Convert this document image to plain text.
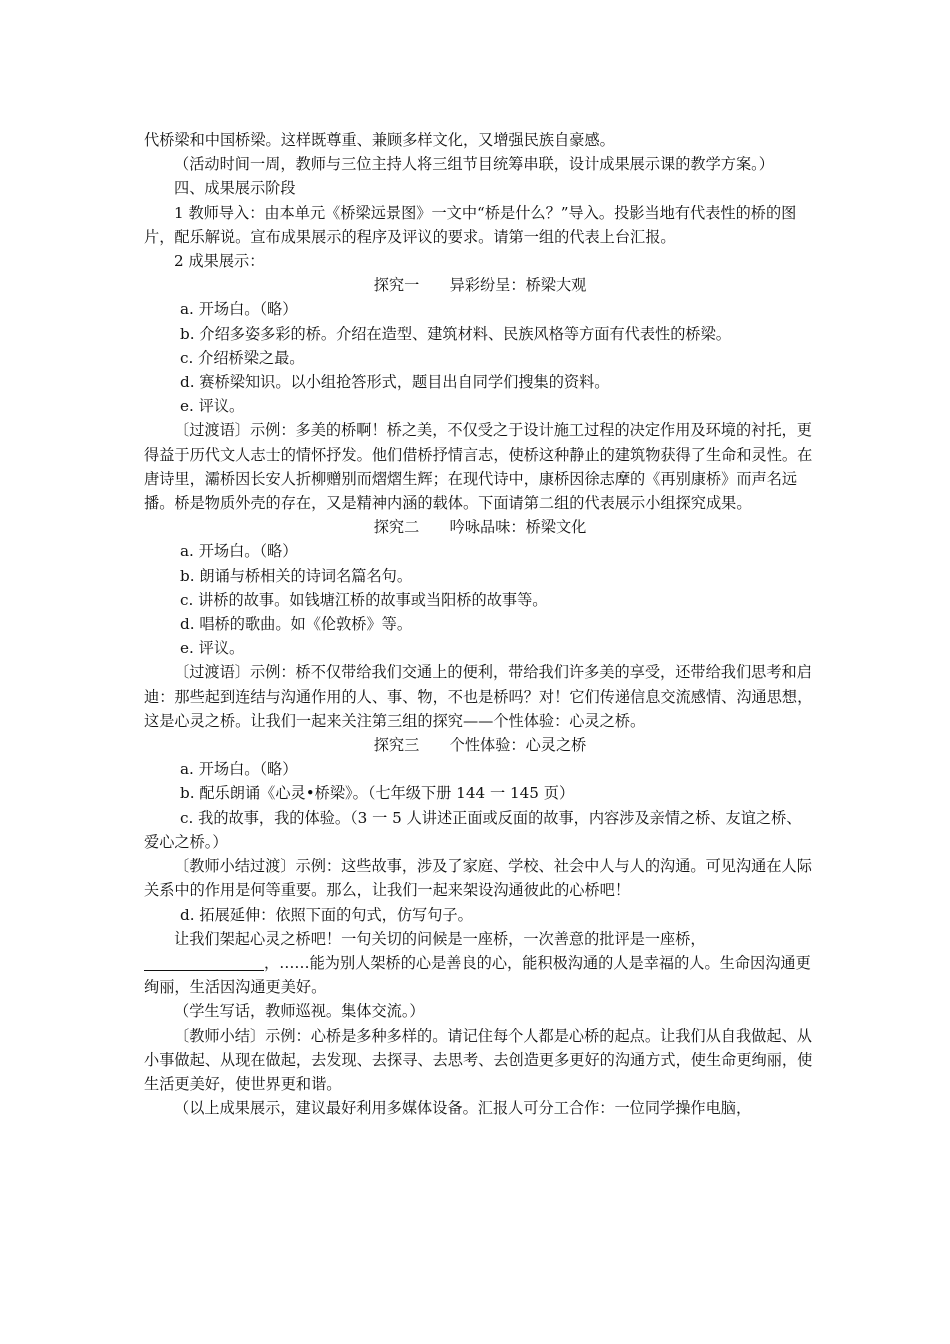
代桥梁和中国桥梁。这样既尊重、兼顾多样文化，又增强民族自豪感。

（活动时间一周，教师与三位主持人将三组节目统筹串联，设计成果展示课的教学方案。）

四、成果展示阶段

1 教师导入：由本单元《桥梁远景图》一文中“桥是什么？”导入。投影当地有代表性的桥的图片，配乐解说。宣布成果展示的程序及评议的要求。请第一组的代表上台汇报。

2 成果展示：

探究一　　异彩纷呈：桥梁大观

a. 开场白。（略）

b. 介绍多姿多彩的桥。介绍在造型、建筑材料、民族风格等方面有代表性的桥梁。

c. 介绍桥梁之最。

d. 赛桥梁知识。以小组抢答形式，题目出自同学们搜集的资料。

e. 评议。

〔过渡语〕示例：多美的桥啊！桥之美，不仅受之于设计施工过程的决定作用及环境的衬托，更得益于历代文人志士的情怀抒发。他们借桥抒情言志，使桥这种静止的建筑物获得了生命和灵性。在唐诗里，灞桥因长安人折柳赠别而熠熠生辉；在现代诗中，康桥因徐志摩的《再别康桥》而声名远播。桥是物质外壳的存在，又是精神内涵的载体。下面请第二组的代表展示小组探究成果。

探究二　　吟咏品味：桥梁文化

a. 开场白。（略）

b. 朗诵与桥相关的诗词名篇名句。

c. 讲桥的故事。如钱塘江桥的故事或当阳桥的故事等。

d. 唱桥的歌曲。如《伦敦桥》等。

e. 评议。

〔过渡语〕示例：桥不仅带给我们交通上的便利，带给我们许多美的享受，还带给我们思考和启迪：那些起到连结与沟通作用的人、事、物，不也是桥吗？对！它们传递信息交流感情、沟通思想，这是心灵之桥。让我们一起来关注第三组的探究——个性体验：心灵之桥。

探究三　　个性体验：心灵之桥

a. 开场白。（略）

b. 配乐朗诵《心灵•桥梁》。（七年级下册 144 一 145 页）

c. 我的故事，我的体验。（3 一 5 人讲述正面或反面的故事，内容涉及亲情之桥、友谊之桥、爱心之桥。）

〔教师小结过渡〕示例：这些故事，涉及了家庭、学校、社会中人与人的沟通。可见沟通在人际关系中的作用是何等重要。那么，让我们一起来架设沟通彼此的心桥吧！

d. 拓展延伸：依照下面的句式，仿写句子。

让我们架起心灵之桥吧！一句关切的问候是一座桥，一次善意的批评是一座桥，，……能为别人架桥的心是善良的心，能积极沟通的人是幸福的人。生命因沟通更绚丽，生活因沟通更美好。

（学生写话，教师巡视。集体交流。）

〔教师小结〕示例：心桥是多种多样的。请记住每个人都是心桥的起点。让我们从自我做起、从小事做起、从现在做起，去发现、去探寻、去思考、去创造更多更好的沟通方式，使生命更绚丽，使生活更美好，使世界更和谐。

（以上成果展示，建议最好利用多媒体设备。汇报人可分工合作：一位同学操作电脑，
